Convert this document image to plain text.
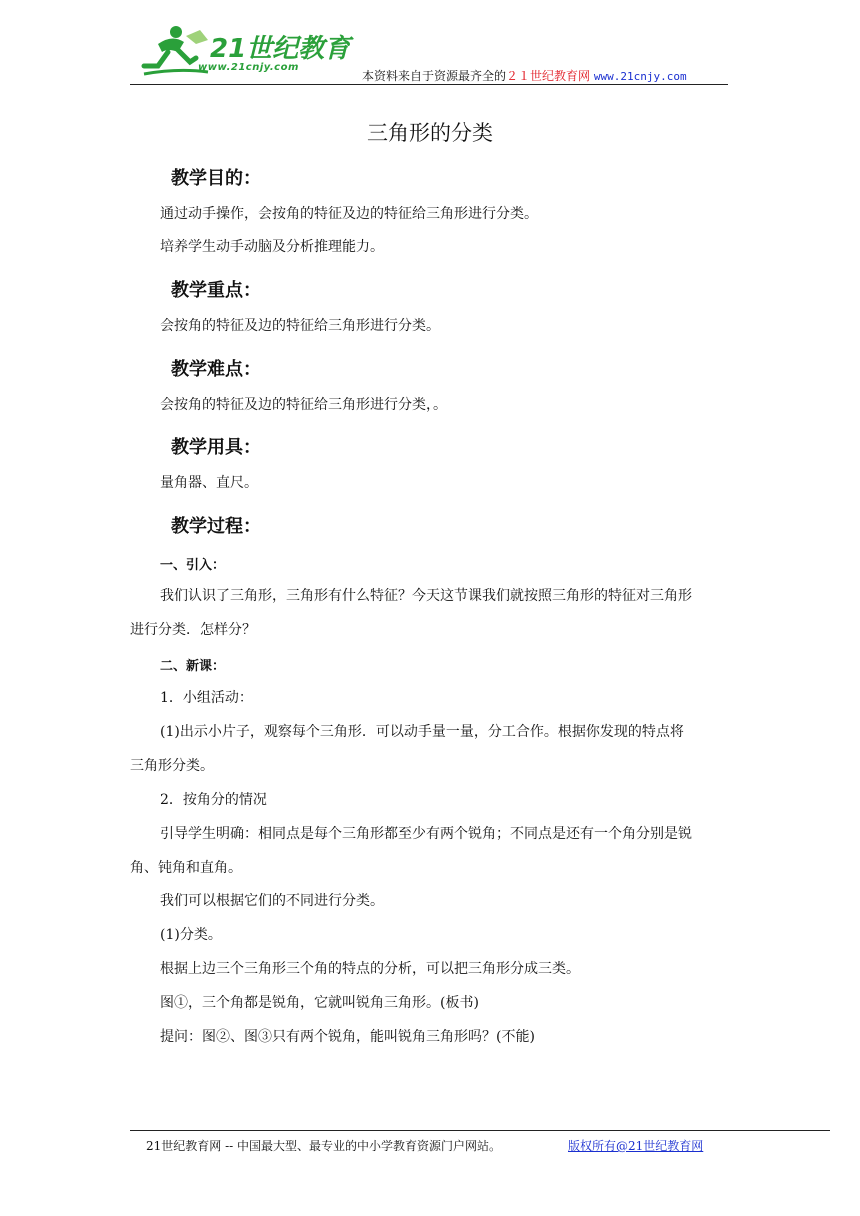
21世纪教育
www.21cnjy.com
本资料来自于资源最齐全的２１世纪教育网 www.21cnjy.com
三角形的分类
教学目的：
通过动手操作，会按角的特征及边的特征给三角形进行分类。
培养学生动手动脑及分析推理能力。
教学重点：
会按角的特征及边的特征给三角形进行分类。
教学难点：
会按角的特征及边的特征给三角形进行分类，。
教学用具：
量角器、直尺。
教学过程：
一、引入：
我们认识了三角形，三角形有什么特征？今天这节课我们就按照三角形的特征对三角形
进行分类．怎样分？
二、新课：
1．小组活动：
(1)出示小片子，观察每个三角形．可以动手量一量，分工合作。根据你发现的特点将
三角形分类。
2．按角分的情况
引导学生明确：相同点是每个三角形都至少有两个锐角；不同点是还有一个角分别是锐
角、钝角和直角。
我们可以根据它们的不同进行分类。
(1)分类。
根据上边三个三角形三个角的特点的分析，可以把三角形分成三类。
图①，三个角都是锐角，它就叫锐角三角形。(板书)
提问：图②、图③只有两个锐角，能叫锐角三角形吗？(不能)
21世纪教育网 -- 中国最大型、最专业的中小学教育资源门户网站。	版权所有@21世纪教育网
